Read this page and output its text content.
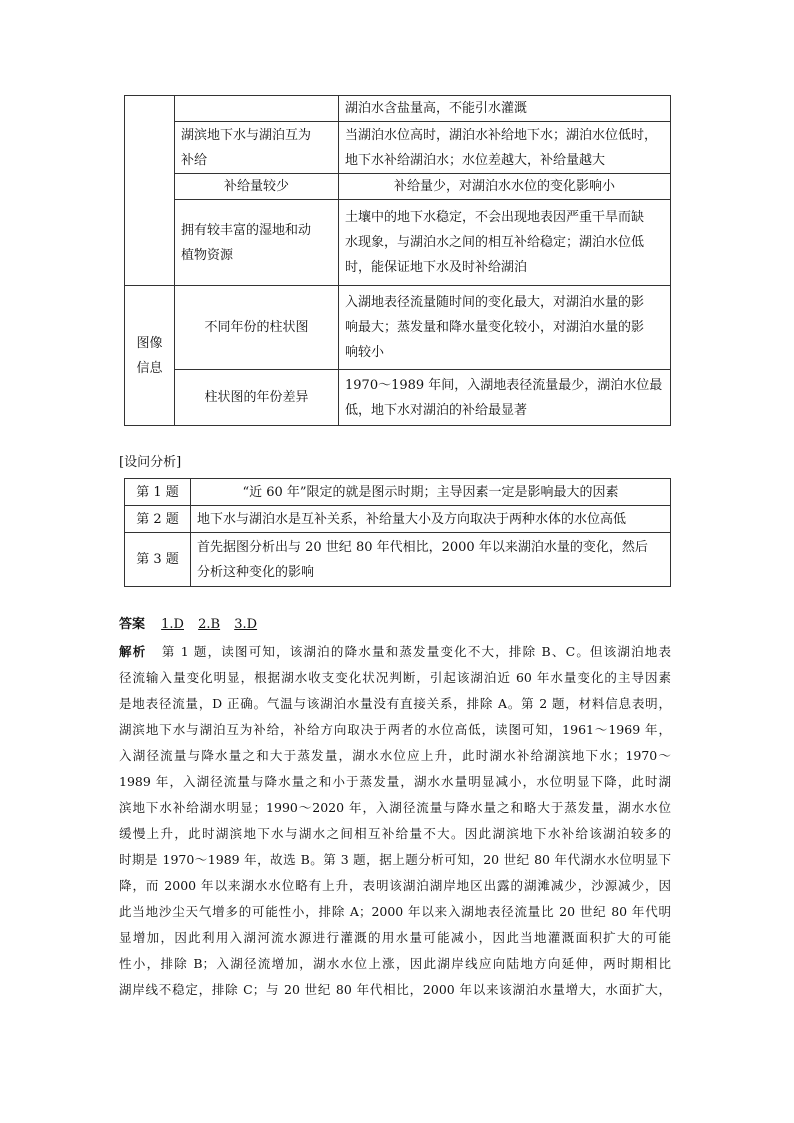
		湖泊水含盐量高，不能引水灌溉

	湖滨地下水与湖泊互为
补给	当湖泊水位高时，湖泊水补给地下水；湖泊水位低时，
地下水补给湖泊水；水位差越大，补给量越大

	补给量较少	补给量少，对湖泊水水位的变化影响小

	拥有较丰富的湿地和动
植物资源	土壤中的地下水稳定，不会出现地表因严重干旱而缺
水现象，与湖泊水之间的相互补给稳定；湖泊水位低
时，能保证地下水及时补给湖泊

图像
信息	不同年份的柱状图	入湖地表径流量随时间的变化最大，对湖泊水量的影
响最大；蒸发量和降水量变化较小，对湖泊水量的影
响较小

	柱状图的年份差异	1970～1989 年间，入湖地表径流量最少，湖泊水位最
低，地下水对湖泊的补给最显著
[设问分析]
第 1 题	“近 60 年”限定的就是图示时期；主导因素一定是影响最大的因素
第 2 题	地下水与湖泊水是互补关系，补给量大小及方向取决于两种水体的水位高低
第 3 题	首先据图分析出与 20 世纪 80 年代相比，2000 年以来湖泊水量的变化，然后
分析这种变化的影响
答案 1.D 2.B 3.D
解析 第 1 题，读图可知，该湖泊的降水量和蒸发量变化不大，排除 B、C。但该湖泊地表
径流输入量变化明显，根据湖水收支变化状况判断，引起该湖泊近 60 年水量变化的主导因素
是地表径流量，D 正确。气温与该湖泊水量没有直接关系，排除 A。第 2 题，材料信息表明，
湖滨地下水与湖泊互为补给，补给方向取决于两者的水位高低，读图可知，1961～1969 年，
入湖径流量与降水量之和大于蒸发量，湖水水位应上升，此时湖水补给湖滨地下水；1970～
1989 年，入湖径流量与降水量之和小于蒸发量，湖水水量明显减小，水位明显下降，此时湖
滨地下水补给湖水明显；1990～2020 年，入湖径流量与降水量之和略大于蒸发量，湖水水位
缓慢上升，此时湖滨地下水与湖水之间相互补给量不大。因此湖滨地下水补给该湖泊较多的
时期是 1970～1989 年，故选 B。第 3 题，据上题分析可知，20 世纪 80 年代湖水水位明显下
降，而 2000 年以来湖水水位略有上升，表明该湖泊湖岸地区出露的湖滩减少，沙源减少，因
此当地沙尘天气增多的可能性小，排除 A；2000 年以来入湖地表径流量比 20 世纪 80 年代明
显增加，因此利用入湖河流水源进行灌溉的用水量可能减小，因此当地灌溉面积扩大的可能
性小，排除 B；入湖径流增加，湖水水位上涨，因此湖岸线应向陆地方向延伸，两时期相比
湖岸线不稳定，排除 C；与 20 世纪 80 年代相比，2000 年以来该湖泊水量增大，水面扩大，
